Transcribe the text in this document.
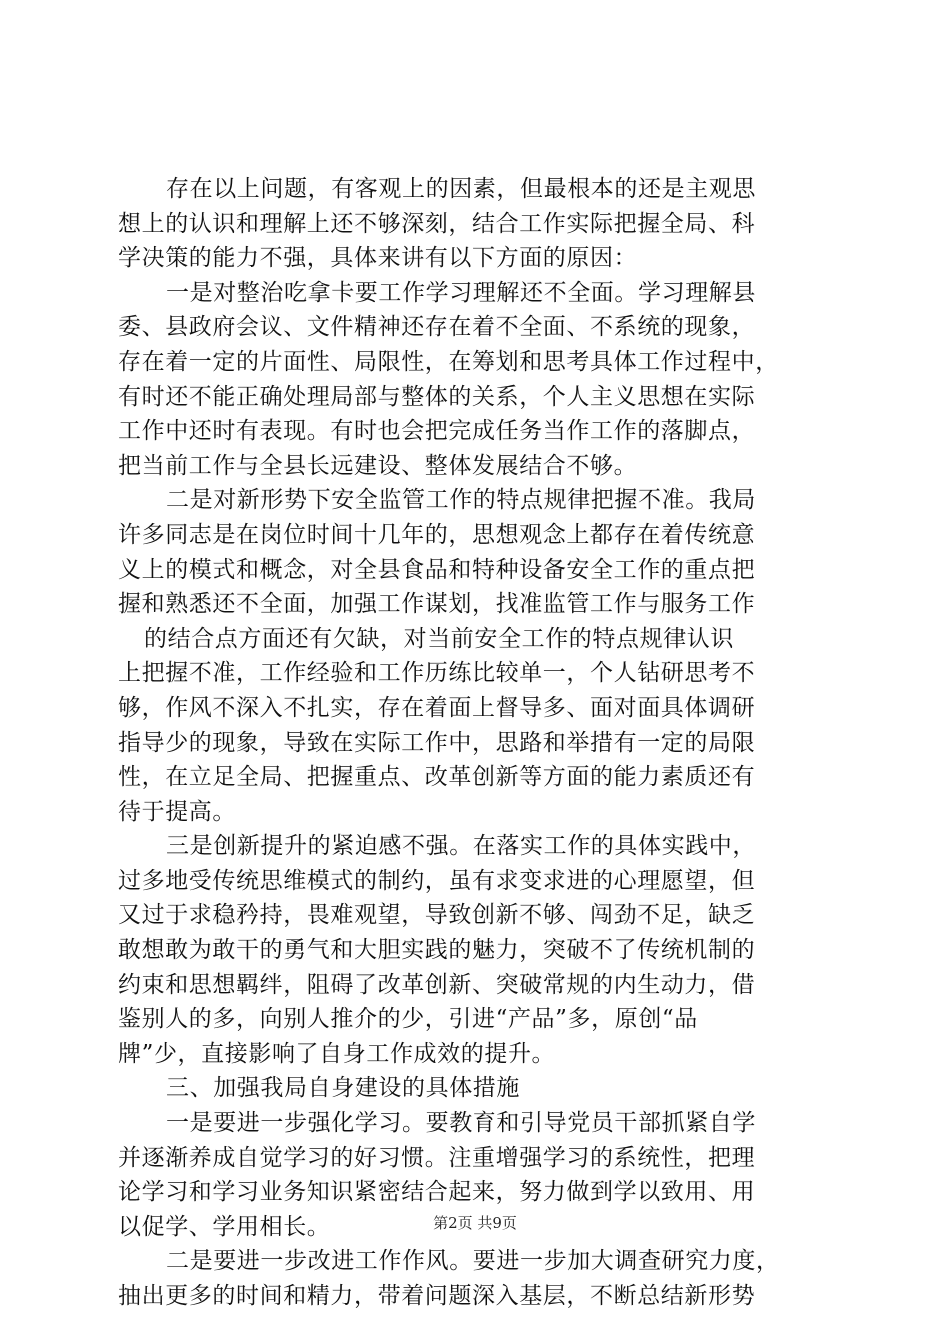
存在以上问题，有客观上的因素，但最根本的还是主观思
想上的认识和理解上还不够深刻，结合工作实际把握全局、科
学决策的能力不强，具体来讲有以下方面的原因：
一是对整治吃拿卡要工作学习理解还不全面。学习理解县
委、县政府会议、文件精神还存在着不全面、不系统的现象，
存在着一定的片面性、局限性，在筹划和思考具体工作过程中，
有时还不能正确处理局部与整体的关系，个人主义思想在实际
工作中还时有表现。有时也会把完成任务当作工作的落脚点，
把当前工作与全县长远建设、整体发展结合不够。
二是对新形势下安全监管工作的特点规律把握不准。我局
许多同志是在岗位时间十几年的，思想观念上都存在着传统意
义上的模式和概念，对全县食品和特种设备安全工作的重点把
握和熟悉还不全面，加强工作谋划，找准监管工作与服务工作
的结合点方面还有欠缺，对当前安全工作的特点规律认识
上把握不准，工作经验和工作历练比较单一，个人钻研思考不
够，作风不深入不扎实，存在着面上督导多、面对面具体调研
指导少的现象，导致在实际工作中，思路和举措有一定的局限
性，在立足全局、把握重点、改革创新等方面的能力素质还有
待于提高。
三是创新提升的紧迫感不强。在落实工作的具体实践中，
过多地受传统思维模式的制约，虽有求变求进的心理愿望，但
又过于求稳矜持，畏难观望，导致创新不够、闯劲不足，缺乏
敢想敢为敢干的勇气和大胆实践的魅力，突破不了传统机制的
约束和思想羁绊，阻碍了改革创新、突破常规的内生动力，借
鉴别人的多，向别人推介的少，引进“产品”多，原创“品
牌”少，直接影响了自身工作成效的提升。
三、加强我局自身建设的具体措施
一是要进一步强化学习。要教育和引导党员干部抓紧自学
并逐渐养成自觉学习的好习惯。注重增强学习的系统性，把理
论学习和学习业务知识紧密结合起来，努力做到学以致用、用
以促学、学用相长。
二是要进一步改进工作作风。要进一步加大调查研究力度，
抽出更多的时间和精力，带着问题深入基层，不断总结新形势
第2页 共9页
